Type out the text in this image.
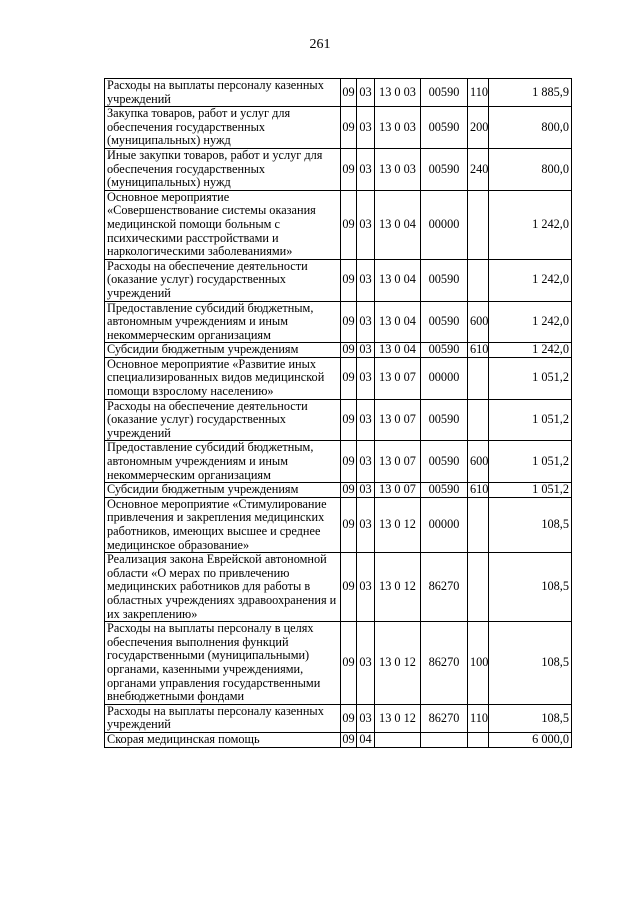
261
Расходы на выплаты персоналу казенных учреждений	09	03	13 0 03	00590	110	1 885,9
Закупка товаров, работ и услуг для обеспечения государственных (муниципальных) нужд	09	03	13 0 03	00590	200	800,0
Иные закупки товаров, работ и услуг для обеспечения государственных (муниципальных) нужд	09	03	13 0 03	00590	240	800,0
Основное мероприятие «Совершенствование системы оказания медицинской помощи больным с психическими расстройствами и наркологическими заболеваниями»	09	03	13 0 04	00000		1 242,0
Расходы на обеспечение деятельности (оказание услуг) государственных учреждений	09	03	13 0 04	00590		1 242,0
Предоставление субсидий бюджетным, автономным учреждениям и иным некоммерческим организациям	09	03	13 0 04	00590	600	1 242,0
Субсидии бюджетным учреждениям	09	03	13 0 04	00590	610	1 242,0
Основное мероприятие «Развитие иных специализированных видов медицинской помощи взрослому населению»	09	03	13 0 07	00000		1 051,2
Расходы на обеспечение деятельности (оказание услуг) государственных учреждений	09	03	13 0 07	00590		1 051,2
Предоставление субсидий бюджетным, автономным учреждениям и иным некоммерческим организациям	09	03	13 0 07	00590	600	1 051,2
Субсидии бюджетным учреждениям	09	03	13 0 07	00590	610	1 051,2
Основное мероприятие «Стимулирование привлечения и закрепления медицинских работников, имеющих высшее и среднее медицинское образование»	09	03	13 0 12	00000		108,5
Реализация закона Еврейской автономной области «О мерах по привлечению медицинских работников для работы в областных учреждениях здравоохранения и их закреплению»	09	03	13 0 12	86270		108,5
Расходы на выплаты персоналу в целях обеспечения выполнения функций государственными (муниципальными) органами, казенными учреждениями, органами управления государственными внебюджетными фондами	09	03	13 0 12	86270	100	108,5
Расходы на выплаты персоналу казенных учреждений	09	03	13 0 12	86270	110	108,5
Скорая медицинская помощь	09	04				6 000,0
